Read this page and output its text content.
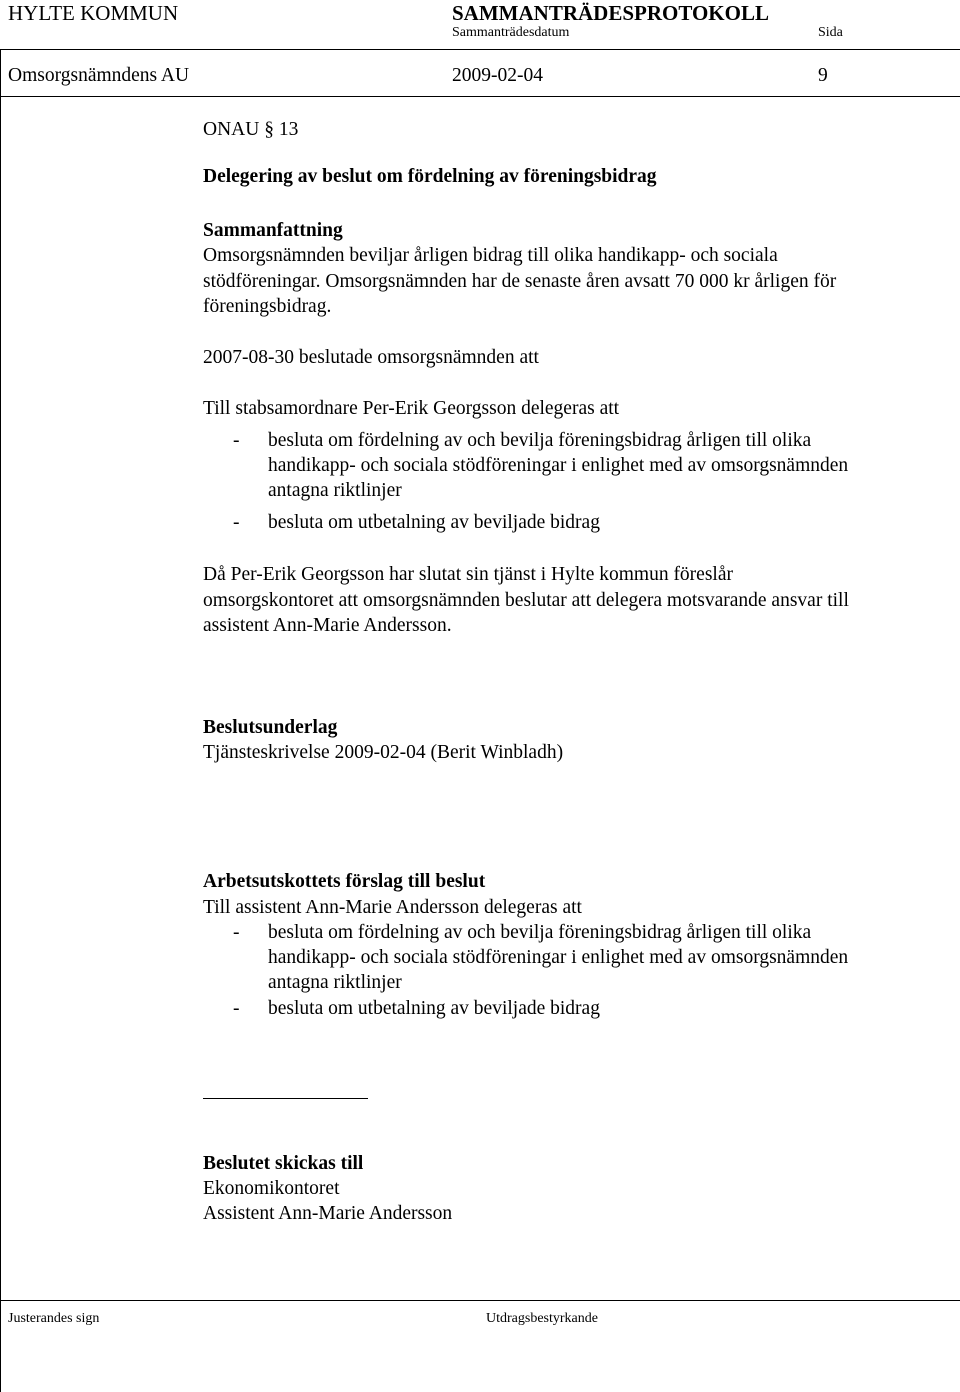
HYLTE KOMMUN	SAMMANTRÄDESPROTOKOLL
Sammanträdesdatum	Sida
Omsorgsnämndens AU	2009-02-04	9
ONAU § 13
Delegering av beslut om fördelning av föreningsbidrag
Sammanfattning
Omsorgsnämnden beviljar årligen bidrag till olika handikapp- och sociala
stödföreningar. Omsorgsnämnden har de senaste åren avsatt 70 000 kr årligen för
föreningsbidrag.
2007-08-30 beslutade omsorgsnämnden att
Till stabsamordnare Per-Erik Georgsson delegeras att
- besluta om fördelning av och bevilja föreningsbidrag årligen till olika
handikapp- och sociala stödföreningar i enlighet med av omsorgsnämnden
antagna riktlinjer
- besluta om utbetalning av beviljade bidrag
Då Per-Erik Georgsson har slutat sin tjänst i Hylte kommun föreslår
omsorgskontoret att omsorgsnämnden beslutar att delegera motsvarande ansvar till
assistent Ann-Marie Andersson.
Beslutsunderlag
Tjänsteskrivelse 2009-02-04 (Berit Winbladh)
Arbetsutskottets förslag till beslut
Till assistent Ann-Marie Andersson delegeras att
- besluta om fördelning av och bevilja föreningsbidrag årligen till olika
handikapp- och sociala stödföreningar i enlighet med av omsorgsnämnden
antagna riktlinjer
- besluta om utbetalning av beviljade bidrag
Beslutet skickas till
Ekonomikontoret
Assistent Ann-Marie Andersson
Justerandes sign	Utdragsbestyrkande
